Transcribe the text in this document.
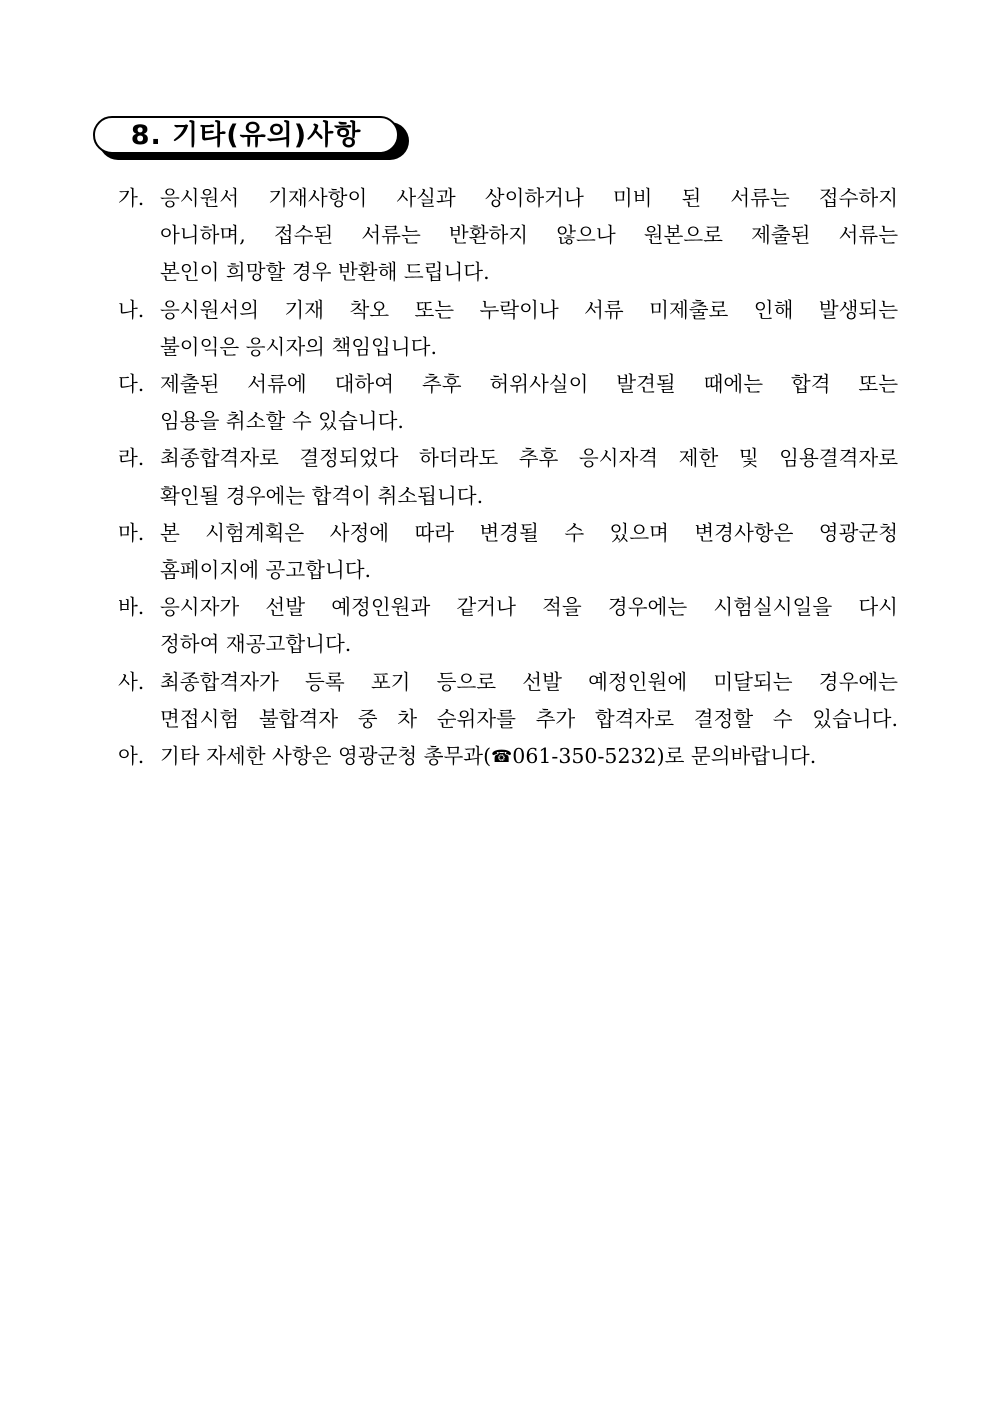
8. 기타(유의)사항
가. 응시원서 기재사항이 사실과 상이하거나 미비 된 서류는 접수하지
아니하며, 접수된 서류는 반환하지 않으나 원본으로 제출된 서류는
본인이 희망할 경우 반환해 드립니다.
나. 응시원서의 기재 착오 또는 누락이나 서류 미제출로 인해 발생되는
불이익은 응시자의 책임입니다.
다. 제출된 서류에 대하여 추후 허위사실이 발견될 때에는 합격 또는
임용을 취소할 수 있습니다.
라. 최종합격자로 결정되었다 하더라도 추후 응시자격 제한 및 임용결격자로
확인될 경우에는 합격이 취소됩니다.
마. 본 시험계획은 사정에 따라 변경될 수 있으며 변경사항은 영광군청
홈페이지에 공고합니다.
바. 응시자가 선발 예정인원과 같거나 적을 경우에는 시험실시일을 다시
정하여 재공고합니다.
사. 최종합격자가 등록 포기 등으로 선발 예정인원에 미달되는 경우에는
면접시험 불합격자 중 차 순위자를 추가 합격자로 결정할 수 있습니다.
아. 기타 자세한 사항은 영광군청 총무과(☎061-350-5232)로 문의바랍니다.
